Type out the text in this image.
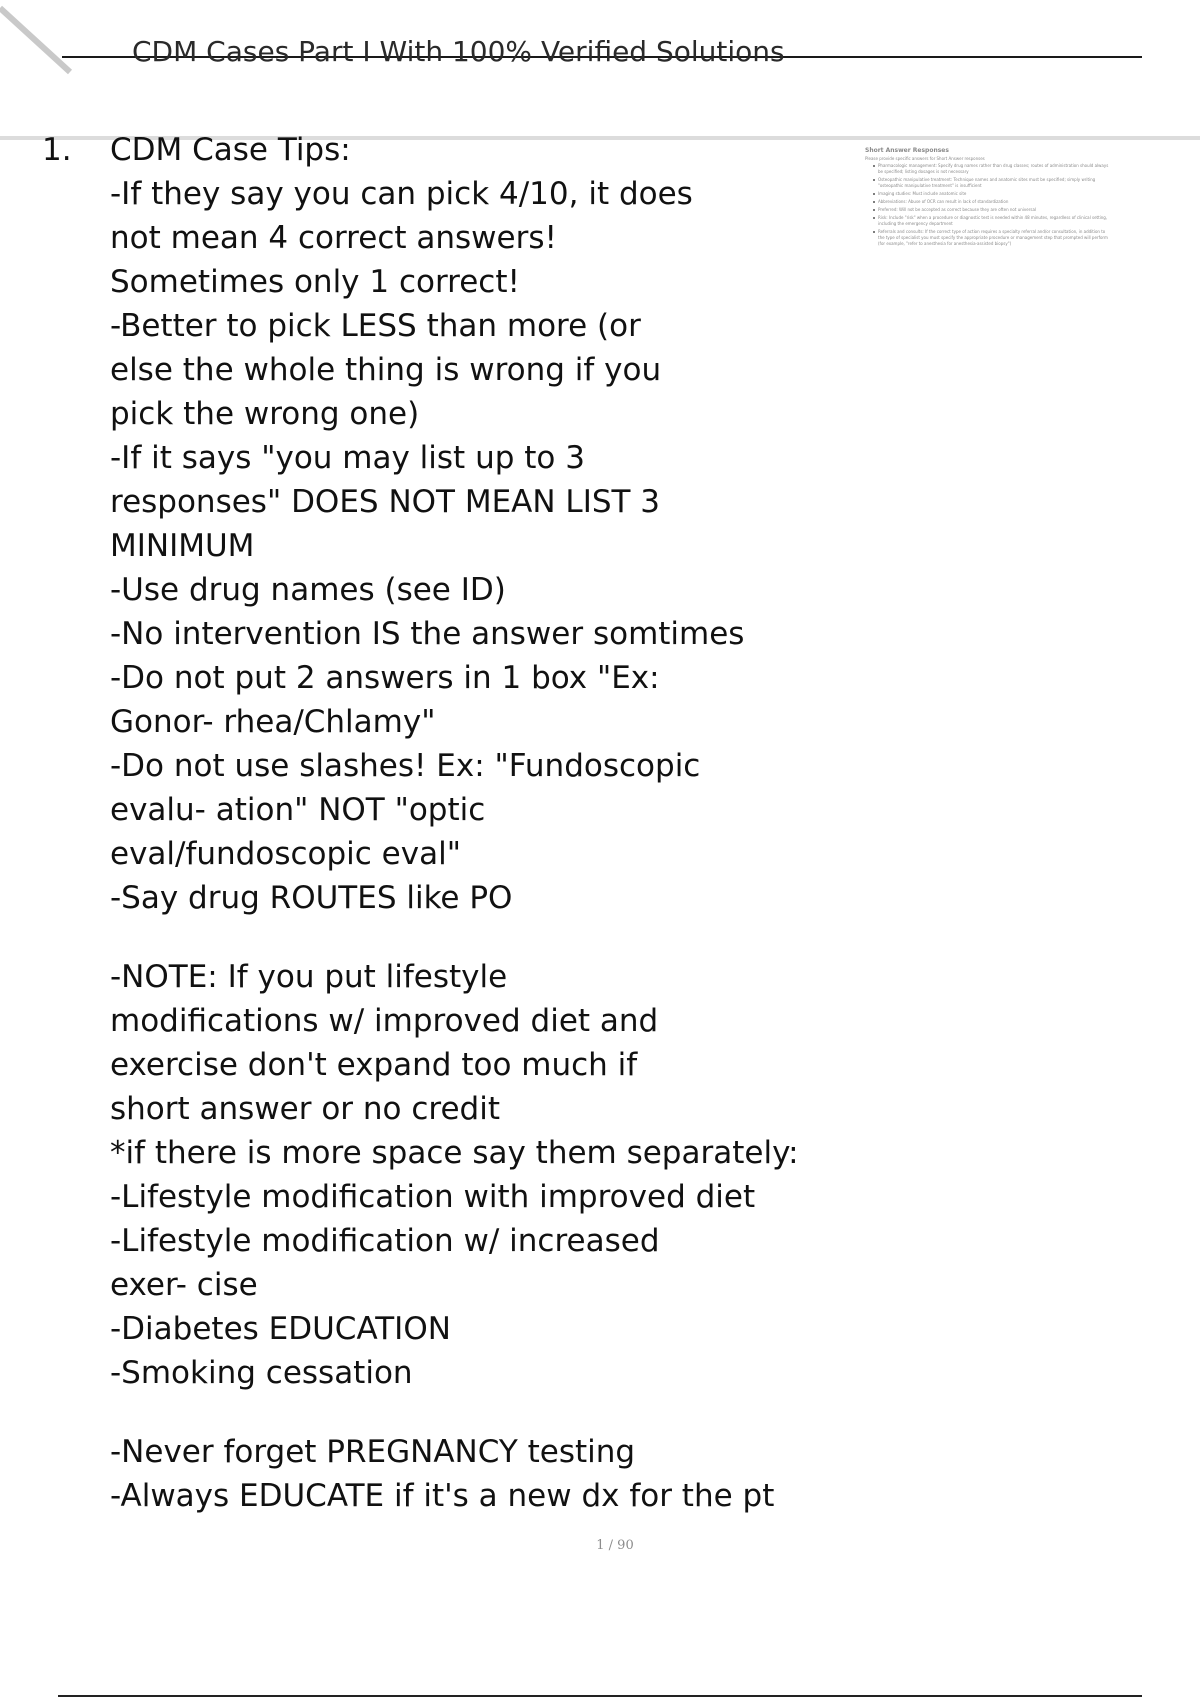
CDM Cases Part I With 100% Verified Solutions
1. CDM Case Tips:
-If they say you can pick 4/10, it does
not mean 4 correct answers!
Sometimes only 1 correct!
-Better to pick LESS than more (or
else the whole thing is wrong if you
pick the wrong one)
-If it says "you may list up to 3
responses" DOES NOT MEAN LIST 3
MINIMUM
-Use drug names (see ID)
-No intervention IS the answer somtimes
-Do not put 2 answers in 1 box "Ex:
Gonor- rhea/Chlamy"
-Do not use slashes! Ex: "Fundoscopic
evalu- ation" NOT "optic
eval/fundoscopic eval"
-Say drug ROUTES like PO
-NOTE: If you put lifestyle
modifications w/ improved diet and
exercise don't expand too much if
short answer or no credit
*if there is more space say them separately:
-Lifestyle modification with improved diet
-Lifestyle modification w/ increased
exer- cise
-Diabetes EDUCATION
-Smoking cessation
-Never forget PREGNANCY testing
-Always EDUCATE if it's a new dx for the pt
Short Answer Responses
Please provide specific answers for Short Answer responses
Pharmacologic management: Specify drug names rather than drug classes; routes of administration should always be specified; listing dosages is not necessary
Osteopathic manipulative treatment: Technique names and anatomic sites must be specified; simply writing "osteopathic manipulative treatment" is insufficient
Imaging studies: Must include anatomic site
Abbreviations: Abuse of OCR can result in lack of standardization
Preferred: Will not be accepted as correct because they are often not universal
Risk: Include "risk" when a procedure or diagnostic test is needed within 48 minutes, regardless of clinical setting, including the emergency department
Referrals and consults: If the correct type of action requires a specialty referral and/or consultation, in addition to the type of specialist you must specify the appropriate procedure or management step that prompted will perform (for example, "refer to anesthesia for anesthesia-assisted biopsy")
1 / 90
